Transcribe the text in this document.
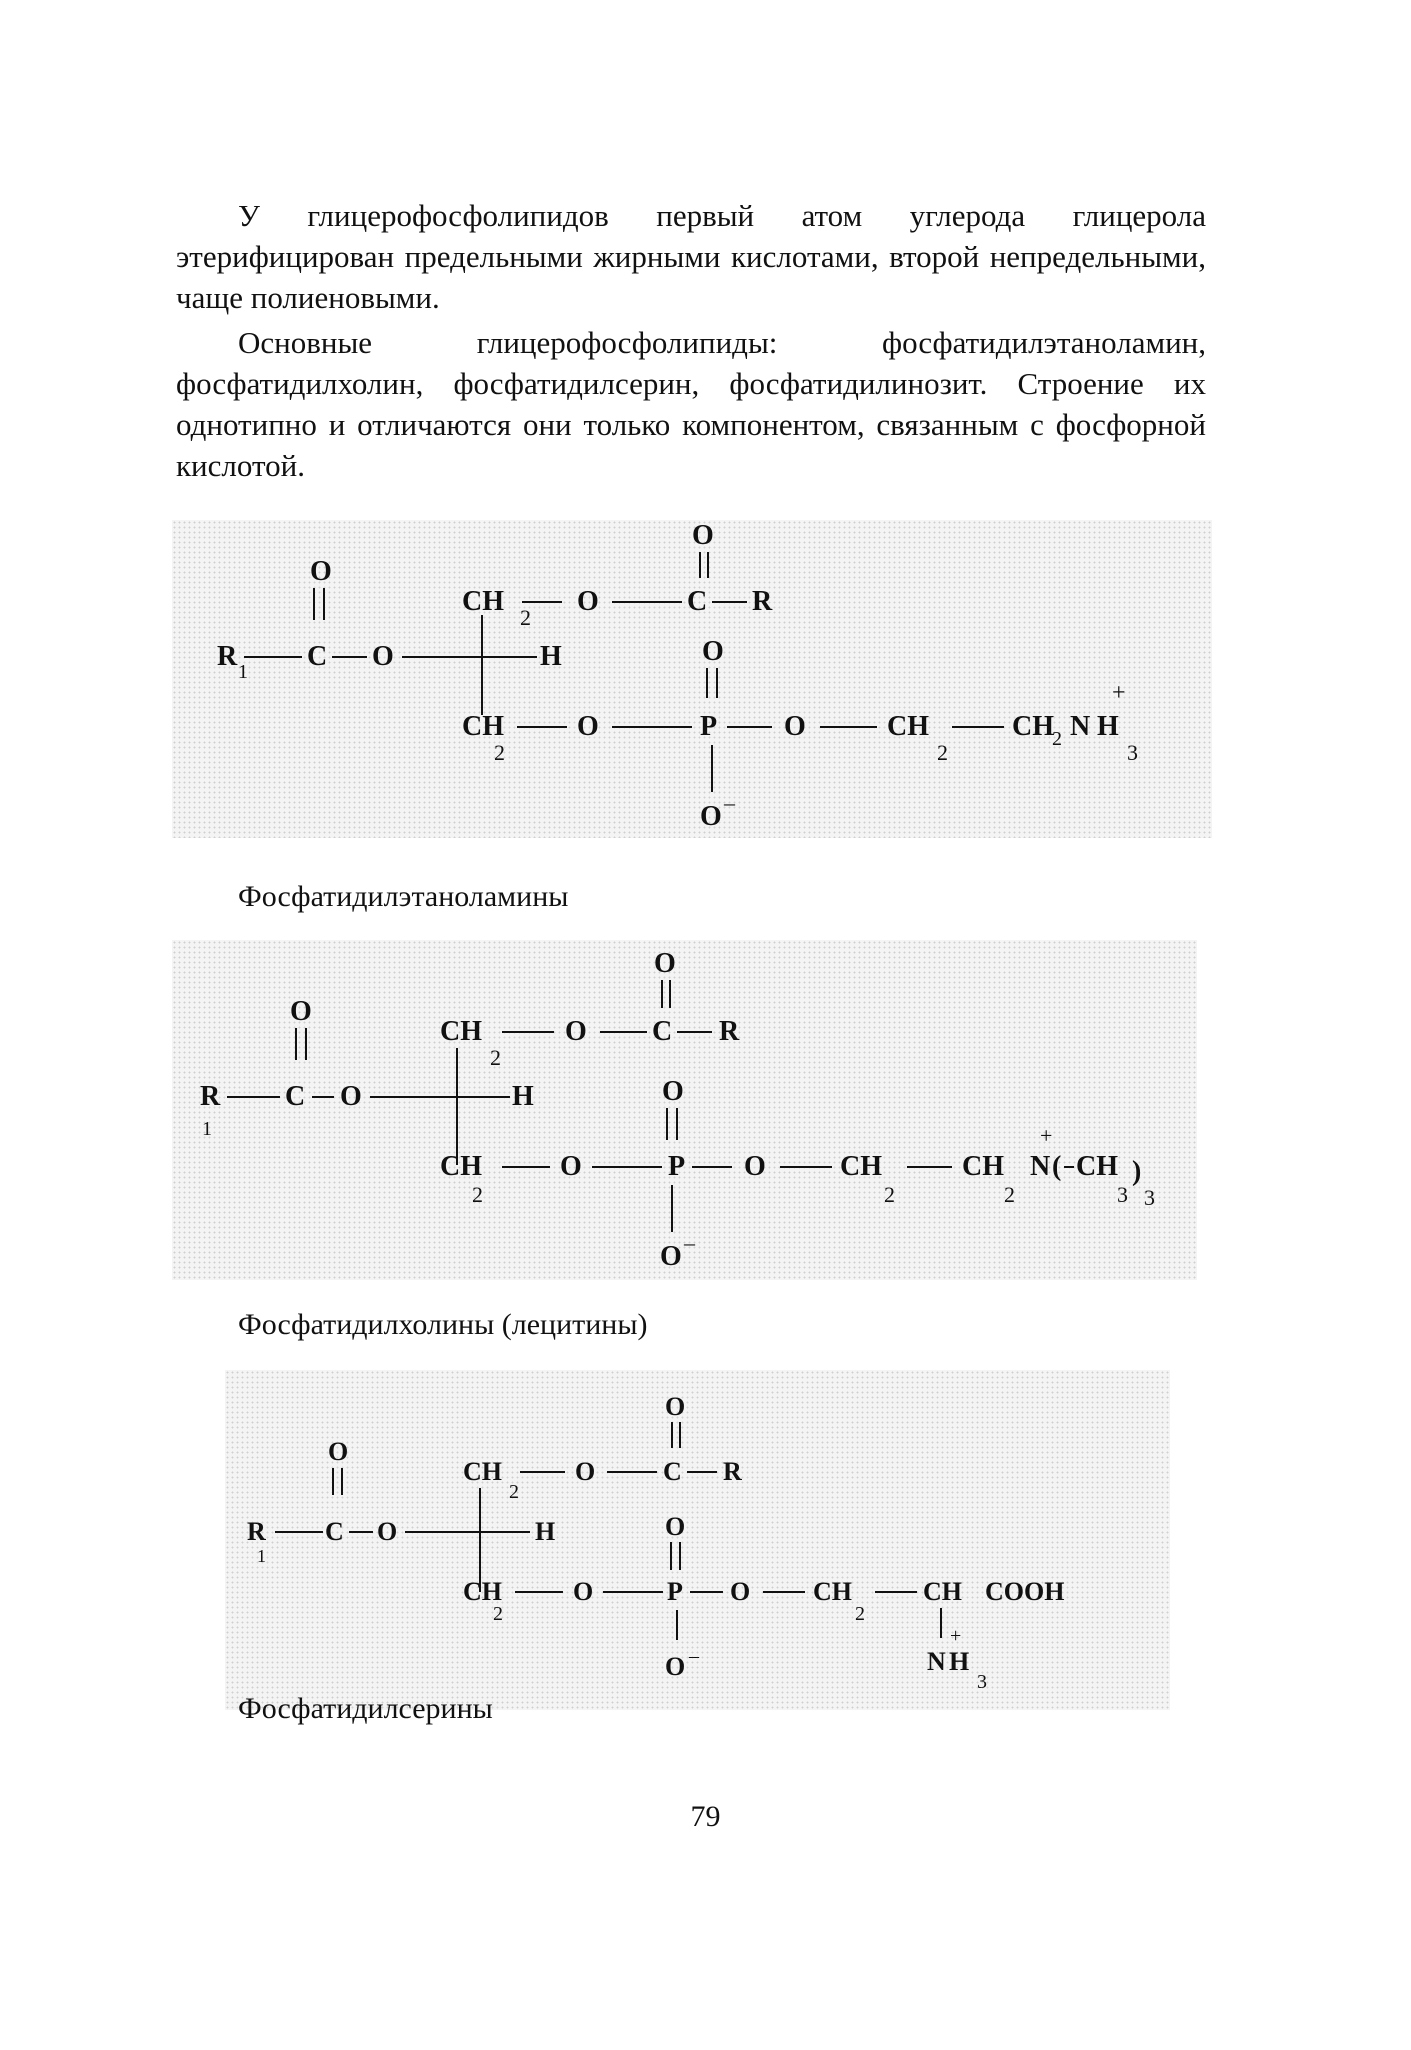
У глицерофосфолипидов первый атом углерода глицерола этерифицирован предельными жирными кислотами, второй непредельными, чаще полиеновыми.

Основные глицерофосфолипиды: фосфатидилэтаноламин, фосфатидилхолин, фосфатидилсерин, фосфатидилинозит. Строение их однотипно и отличаются они только компонентом, связанным с фосфорной кислотой.

O
CH
2
O	C R
O
R 1 C O	H	O
CH
2
O	P O	CH
2
CH
2 N H
3
+
O –

Фосфатидилэтаноламины

O
CH
2
O C R
O
R
1
C O	H	O
CH
2
O	P O	CH
2
CH
2
N
+
( CH
3
)
3
O –

Фосфатидилхолины (лецитины)

O
CH
2
O	C R
O
R
1
C O	H	O
CH
2
O	P O CH
2
CH COOH
+
N H
3
O –

Фосфатидилсерины

79
